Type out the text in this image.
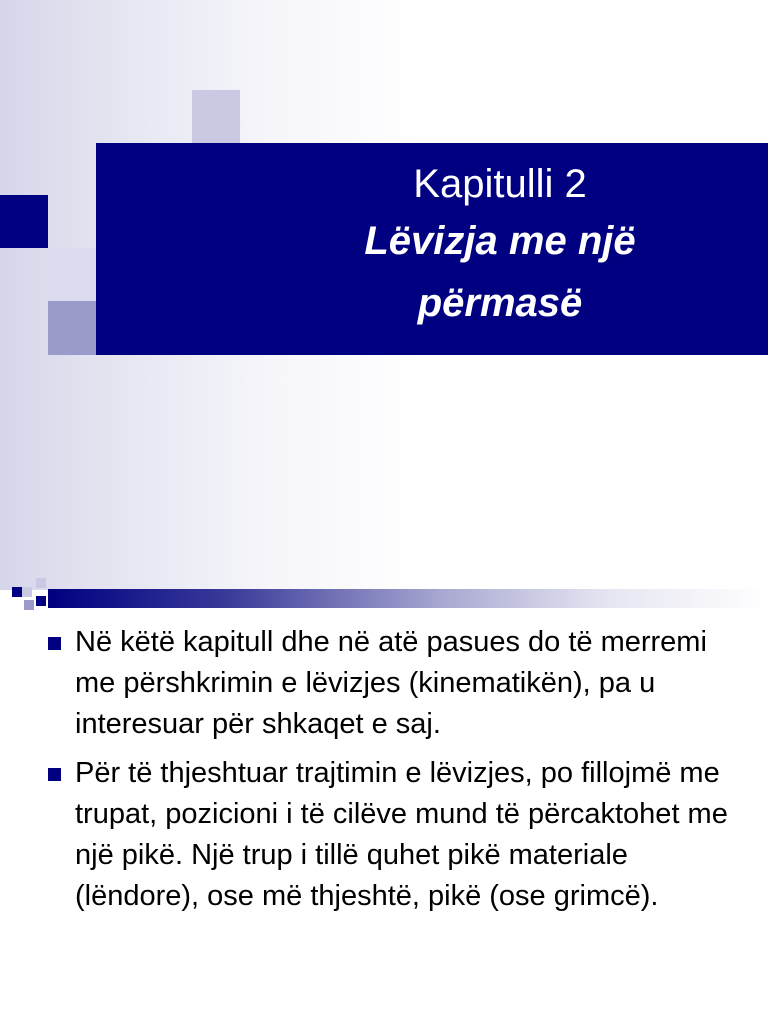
Kapitulli 2
Lëvizja me një
përmasë
Në këtë kapitull dhe në atë pasues do të merremi me përshkrimin e lëvizjes (kinematikën), pa u interesuar për shkaqet e saj.
Për të thjeshtuar trajtimin e lëvizjes, po fillojmë me trupat, pozicioni i të cilëve mund të përcaktohet me një pikë. Një trup i tillë quhet pikë materiale (lëndore), ose më thjeshtë, pikë (ose grimcë).
